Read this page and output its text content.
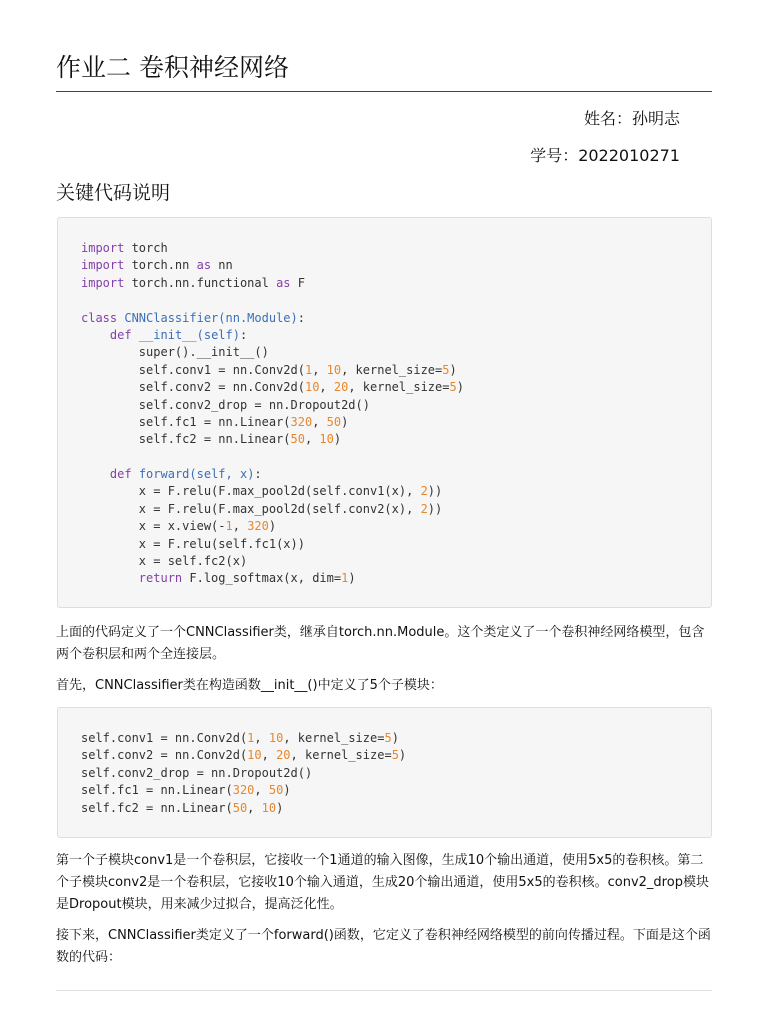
作业二 卷积神经网络
姓名：孙明志
学号：2022010271
关键代码说明
import torch
import torch.nn as nn
import torch.nn.functional as F
class CNNClassifier(nn.Module):
def __init__(self):
super().__init__()
self.conv1 = nn.Conv2d(1, 10, kernel_size=5)
self.conv2 = nn.Conv2d(10, 20, kernel_size=5)
self.conv2_drop = nn.Dropout2d()
self.fc1 = nn.Linear(320, 50)
self.fc2 = nn.Linear(50, 10)
def forward(self, x):
x = F.relu(F.max_pool2d(self.conv1(x), 2))
x = F.relu(F.max_pool2d(self.conv2(x), 2))
x = x.view(-1, 320)
x = F.relu(self.fc1(x))
x = self.fc2(x)
return F.log_softmax(x, dim=1)

上面的代码定义了一个CNNClassifier类，继承自torch.nn.Module。这个类定义了一个卷积神经网络模型，包含两个卷积层和两个全连接层。

首先，CNNClassifier类在构造函数__init__()中定义了5个子模块：

self.conv1 = nn.Conv2d(1, 10, kernel_size=5)
self.conv2 = nn.Conv2d(10, 20, kernel_size=5)
self.conv2_drop = nn.Dropout2d()
self.fc1 = nn.Linear(320, 50)
self.fc2 = nn.Linear(50, 10)

第一个子模块conv1是一个卷积层，它接收一个1通道的输入图像，生成10个输出通道，使用5x5的卷积核。第二个子模块conv2是一个卷积层，它接收10个输入通道，生成20个输出通道，使用5x5的卷积核。conv2_drop模块是Dropout模块，用来减少过拟合，提高泛化性。

接下来，CNNClassifier类定义了一个forward()函数，它定义了卷积神经网络模型的前向传播过程。下面是这个函数的代码：
